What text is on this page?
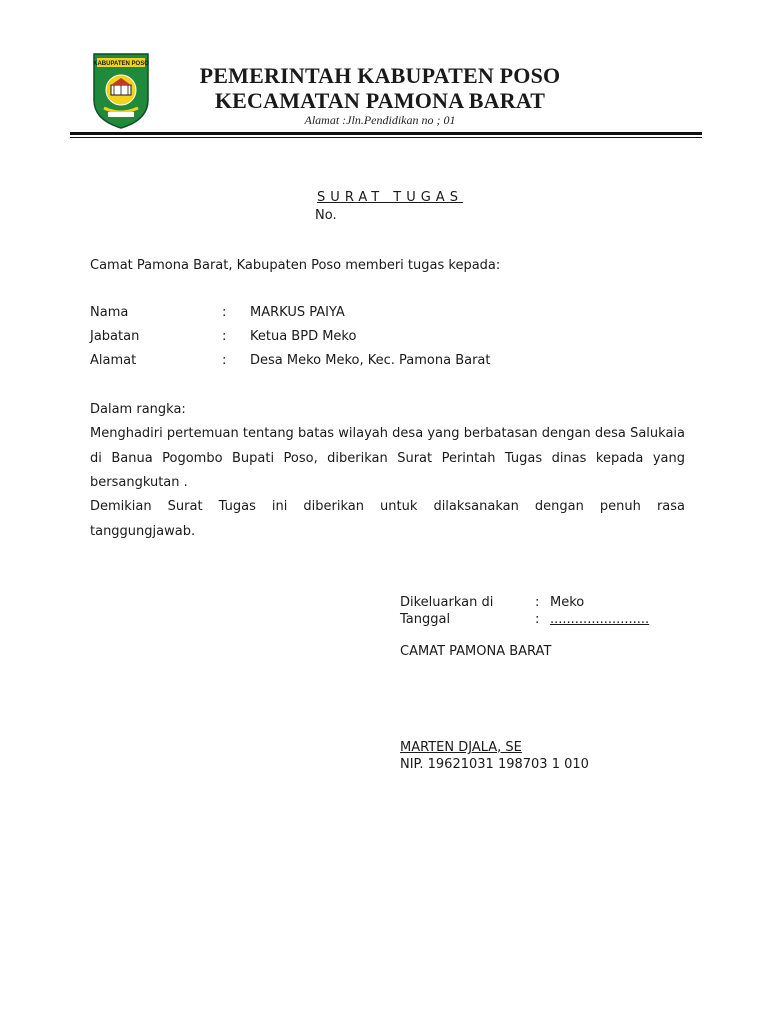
KABUPATEN POSO	PEMERINTAH KABUPATEN POSO
KECAMATAN PAMONA BARAT
Alamat :Jln.Pendidikan no ; 01
SURAT TUGAS
No.
Camat Pamona Barat, Kabupaten Poso memberi tugas kepada:
Nama	: MARKUS PAIYA
Jabatan	: Ketua BPD Meko
Alamat	: Desa Meko Meko, Kec. Pamona Barat
Dalam rangka:
Menghadiri pertemuan tentang batas wilayah desa yang berbatasan dengan desa Salukaia di Banua Pogombo Bupati Poso, diberikan Surat Perintah Tugas dinas kepada yang bersangkutan .
Demikian Surat Tugas ini diberikan untuk dilaksanakan dengan penuh rasa tanggungjawab.
Dikeluarkan di	: Meko
Tanggal	: ........................
CAMAT PAMONA BARAT
MARTEN DJALA, SE
NIP. 19621031 198703 1 010
